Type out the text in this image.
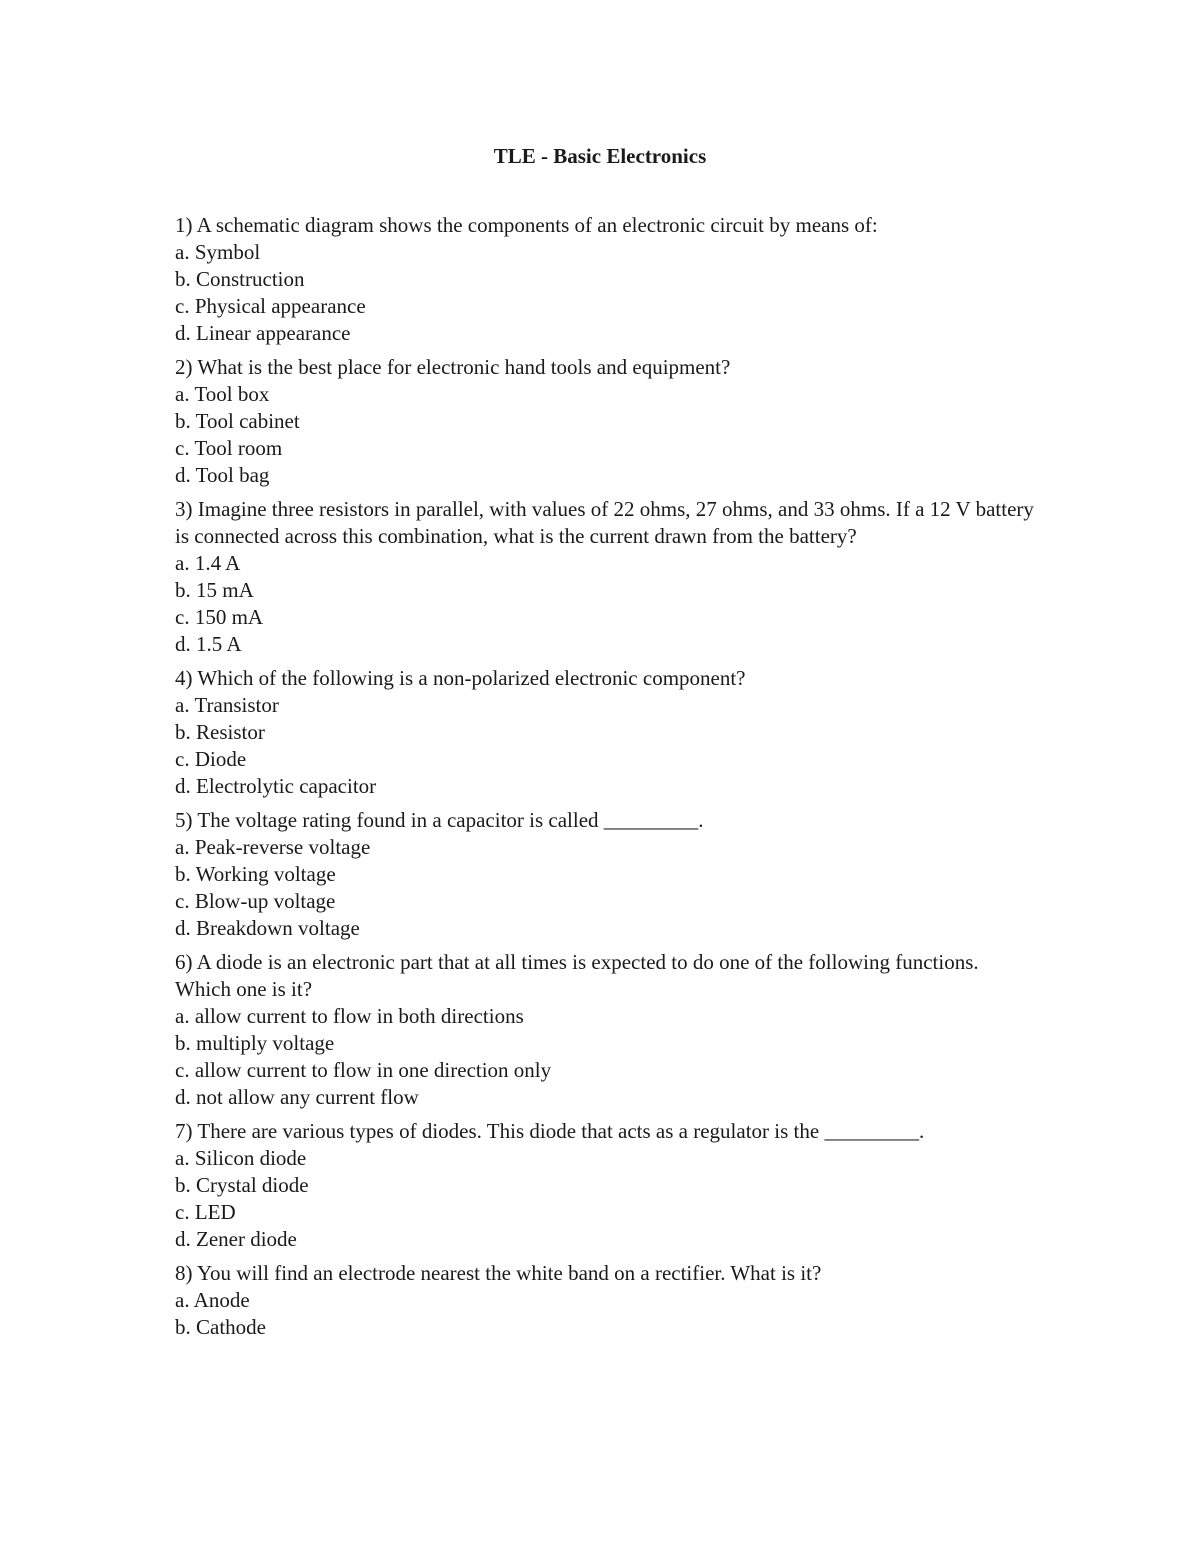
TLE - Basic Electronics
1) A schematic diagram shows the components of an electronic circuit by means of:
a. Symbol
b. Construction
c. Physical appearance
d. Linear appearance
2) What is the best place for electronic hand tools and equipment?
a. Tool box
b. Tool cabinet
c. Tool room
d. Tool bag
3) Imagine three resistors in parallel, with values of 22 ohms, 27 ohms, and 33 ohms. If a 12 V battery is connected across this combination, what is the current drawn from the battery?
a. 1.4 A
b. 15 mA
c. 150 mA
d. 1.5 A
4) Which of the following is a non-polarized electronic component?
a. Transistor
b. Resistor
c. Diode
d. Electrolytic capacitor
5) The voltage rating found in a capacitor is called _________.
a. Peak-reverse voltage
b. Working voltage
c. Blow-up voltage
d. Breakdown voltage
6) A diode is an electronic part that at all times is expected to do one of the following functions. Which one is it?
a. allow current to flow in both directions
b. multiply voltage
c. allow current to flow in one direction only
d. not allow any current flow
7) There are various types of diodes. This diode that acts as a regulator is the _________.
a. Silicon diode
b. Crystal diode
c. LED
d. Zener diode
8) You will find an electrode nearest the white band on a rectifier. What is it?
a. Anode
b. Cathode
